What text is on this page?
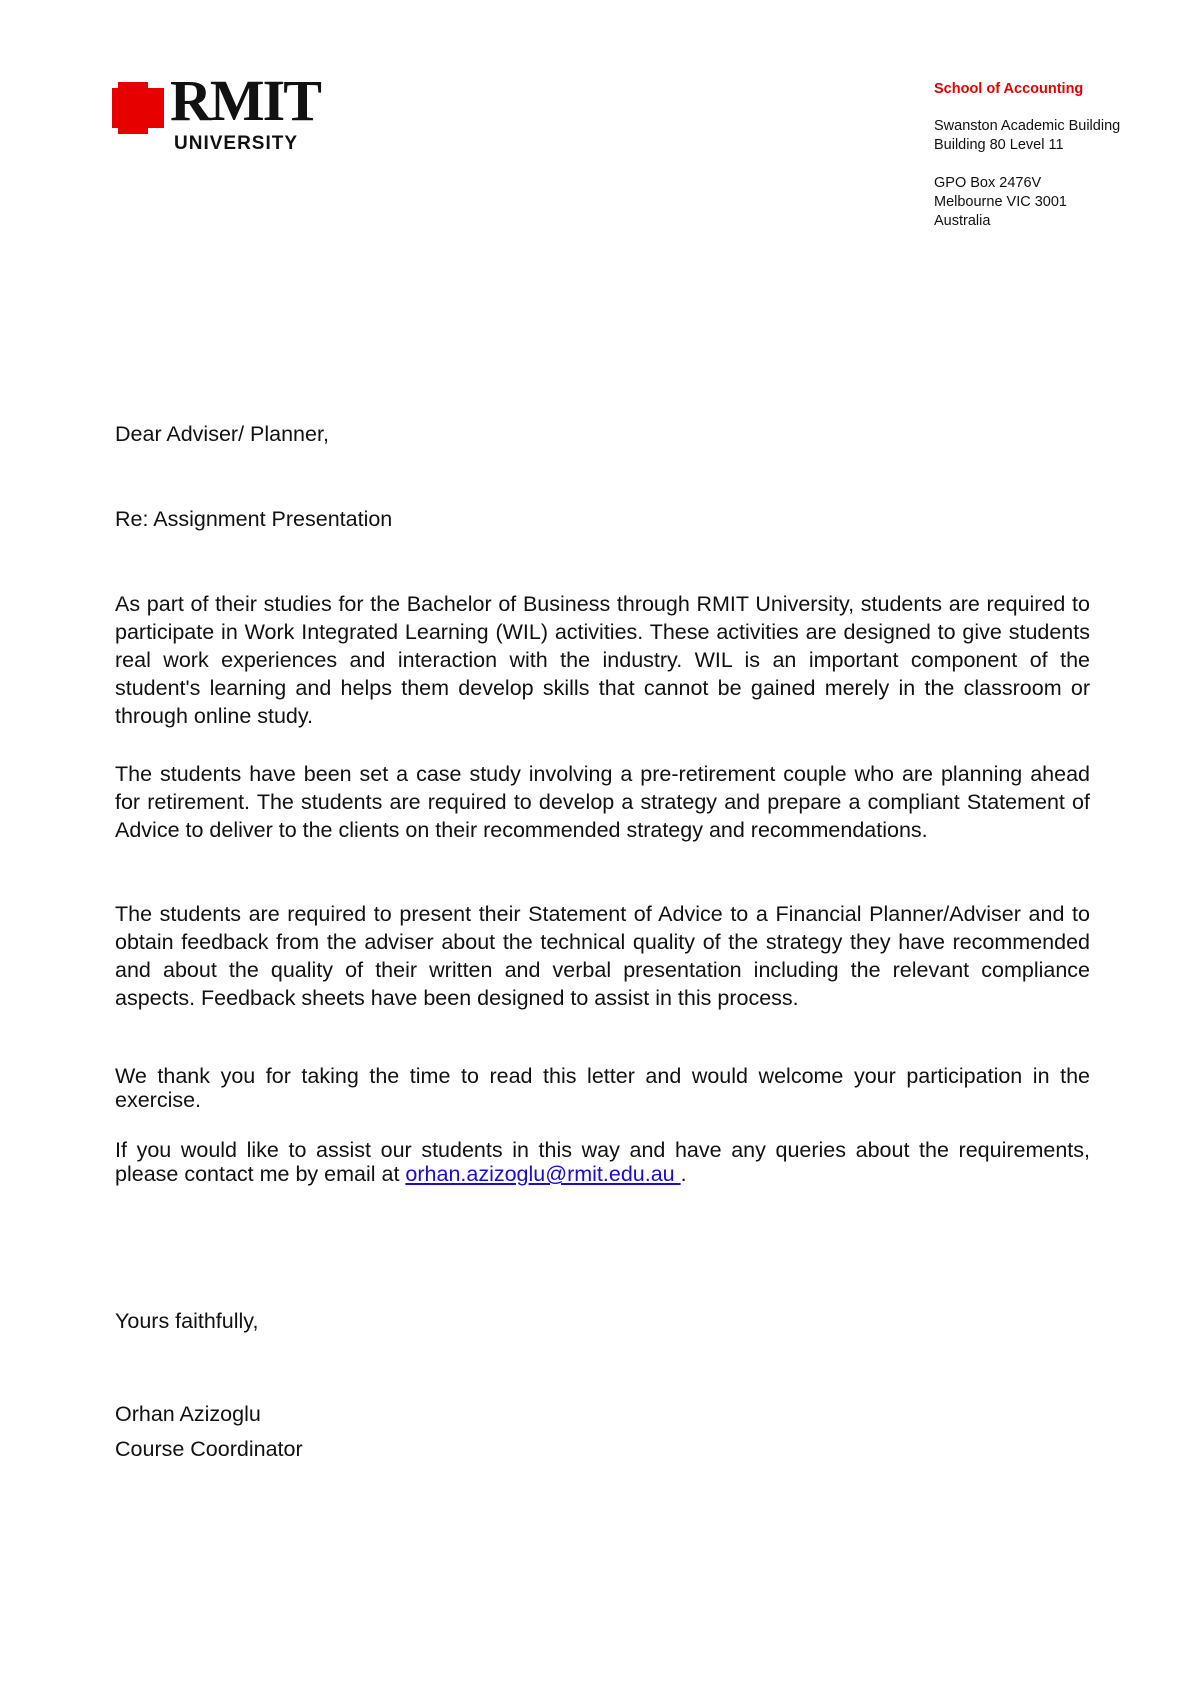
RMIT
UNIVERSITY
School of Accounting
Swanston Academic Building
Building 80 Level 11
GPO Box 2476V
Melbourne VIC 3001
Australia
Dear Adviser/ Planner,
Re: Assignment Presentation
As part of their studies for the Bachelor of Business through RMIT University, students are required to participate in Work Integrated Learning (WIL) activities. These activities are designed to give students real work experiences and interaction with the industry. WIL is an important component of the student's learning and helps them develop skills that cannot be gained merely in the classroom or through online study.
The students have been set a case study involving a pre-retirement couple who are planning ahead for retirement. The students are required to develop a strategy and prepare a compliant Statement of Advice to deliver to the clients on their recommended strategy and recommendations.
The students are required to present their Statement of Advice to a Financial Planner/Adviser and to obtain feedback from the adviser about the technical quality of the strategy they have recommended and about the quality of their written and verbal presentation including the relevant compliance aspects. Feedback sheets have been designed to assist in this process.
We thank you for taking the time to read this letter and would welcome your participation in the exercise.
If you would like to assist our students in this way and have any queries about the requirements, please contact me by email at orhan.azizoglu@rmit.edu.au .
Yours faithfully,
Orhan Azizoglu
Course Coordinator
